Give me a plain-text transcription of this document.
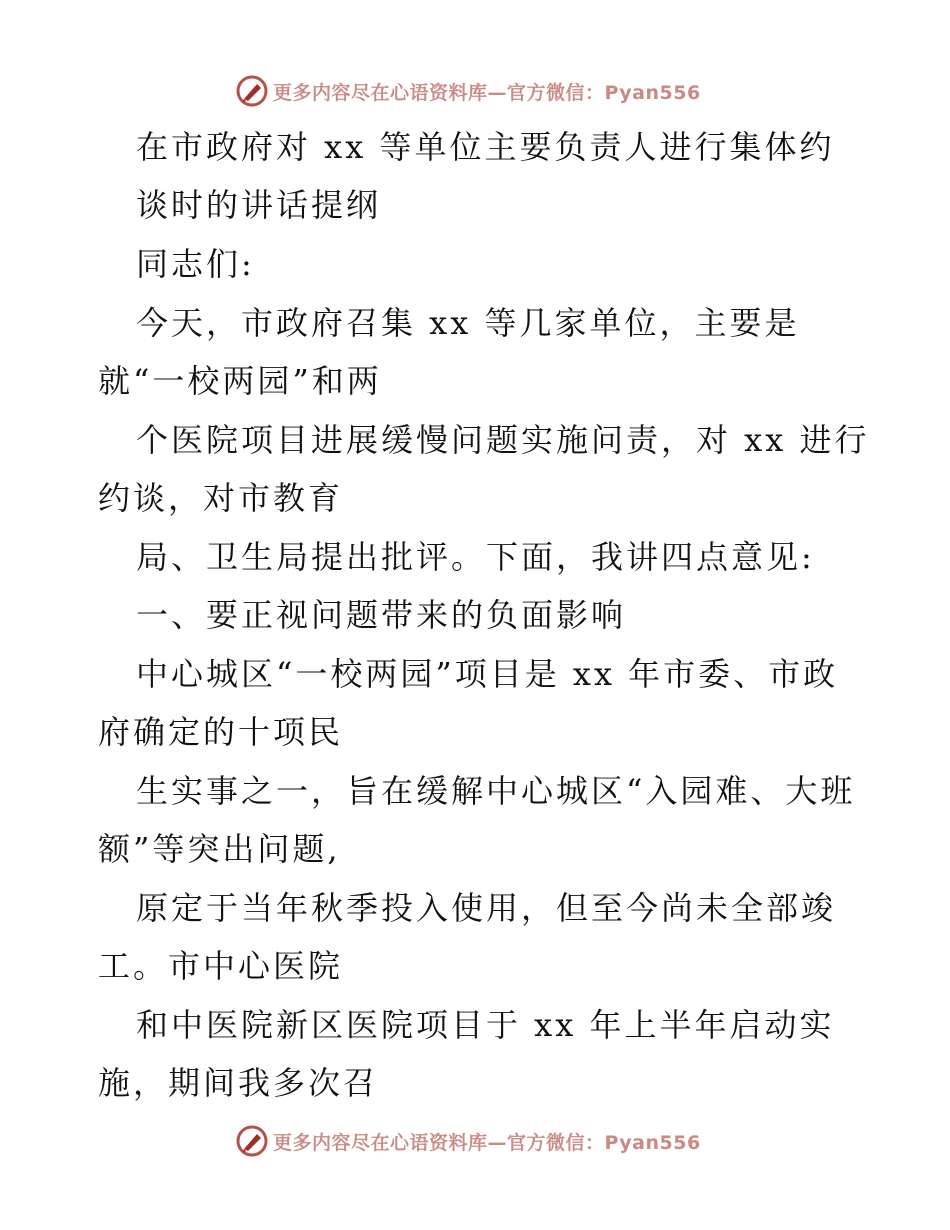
更多内容尽在心语资料库—官方微信：Pyan556

在市政府对 xx 等单位主要负责人进行集体约

谈时的讲话提纲

同志们:

今天，市政府召集 xx 等几家单位，主要是

就“一校两园”和两

个医院项目进展缓慢问题实施问责，对 xx 进行

约谈，对市教育

局、卫生局提出批评。下面，我讲四点意见:

一、要正视问题带来的负面影响

中心城区“一校两园”项目是 xx 年市委、市政

府确定的十项民

生实事之一，旨在缓解中心城区“入园难、大班

额”等突出问题,

原定于当年秋季投入使用，但至今尚未全部竣

工。市中心医院

和中医院新区医院项目于 xx 年上半年启动实

施，期间我多次召

更多内容尽在心语资料库—官方微信：Pyan556
